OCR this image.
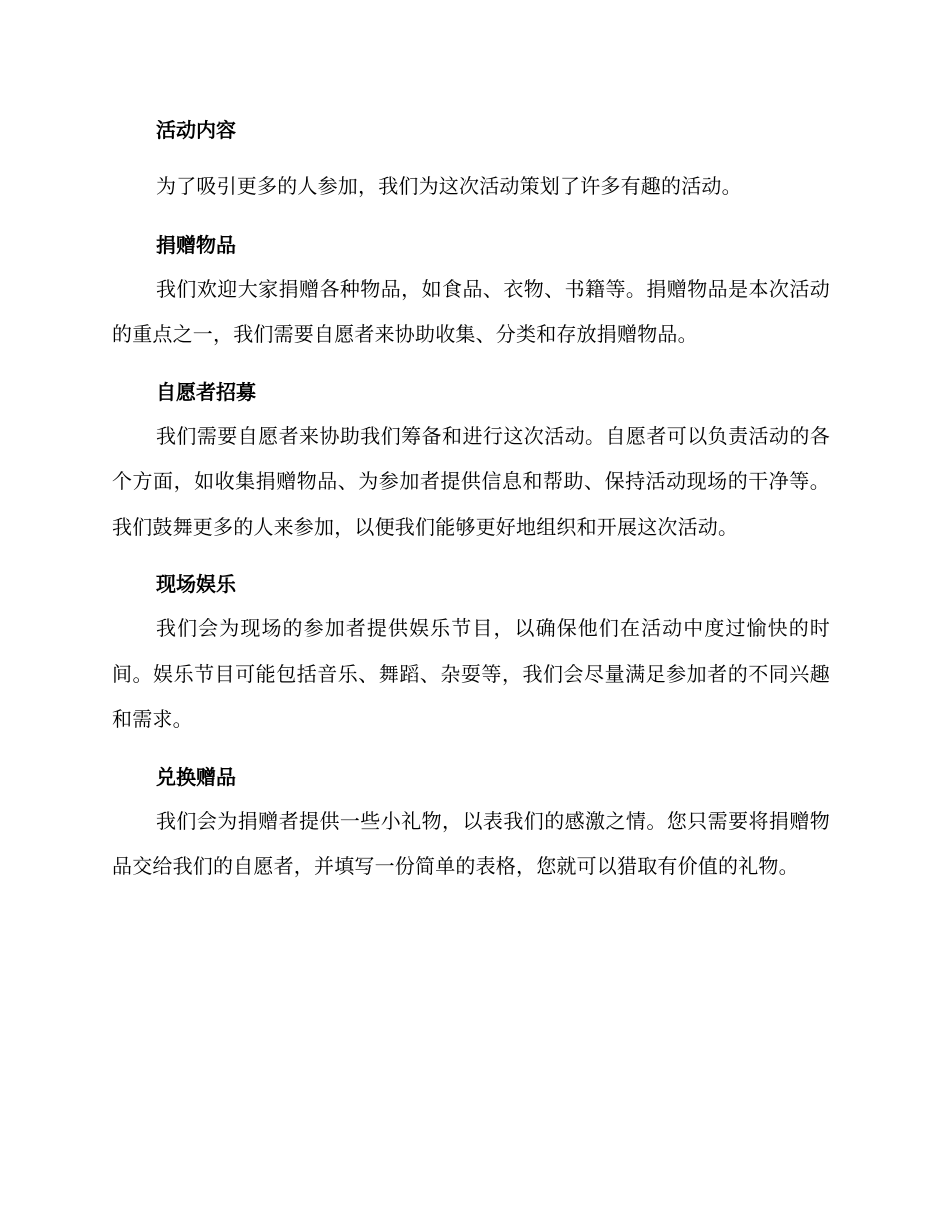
活动内容

为了吸引更多的人参加，我们为这次活动策划了许多有趣的活动。

捐赠物品

我们欢迎大家捐赠各种物品，如食品、衣物、书籍等。捐赠物品是本次活动的重点之一，我们需要自愿者来协助收集、分类和存放捐赠物品。

自愿者招募

我们需要自愿者来协助我们筹备和进行这次活动。自愿者可以负责活动的各个方面，如收集捐赠物品、为参加者提供信息和帮助、保持活动现场的干净等。我们鼓舞更多的人来参加，以便我们能够更好地组织和开展这次活动。

现场娱乐

我们会为现场的参加者提供娱乐节目，以确保他们在活动中度过愉快的时间。娱乐节目可能包括音乐、舞蹈、杂耍等，我们会尽量满足参加者的不同兴趣和需求。

兑换赠品

我们会为捐赠者提供一些小礼物，以表我们的感激之情。您只需要将捐赠物品交给我们的自愿者，并填写一份简单的表格，您就可以猎取有价值的礼物。
